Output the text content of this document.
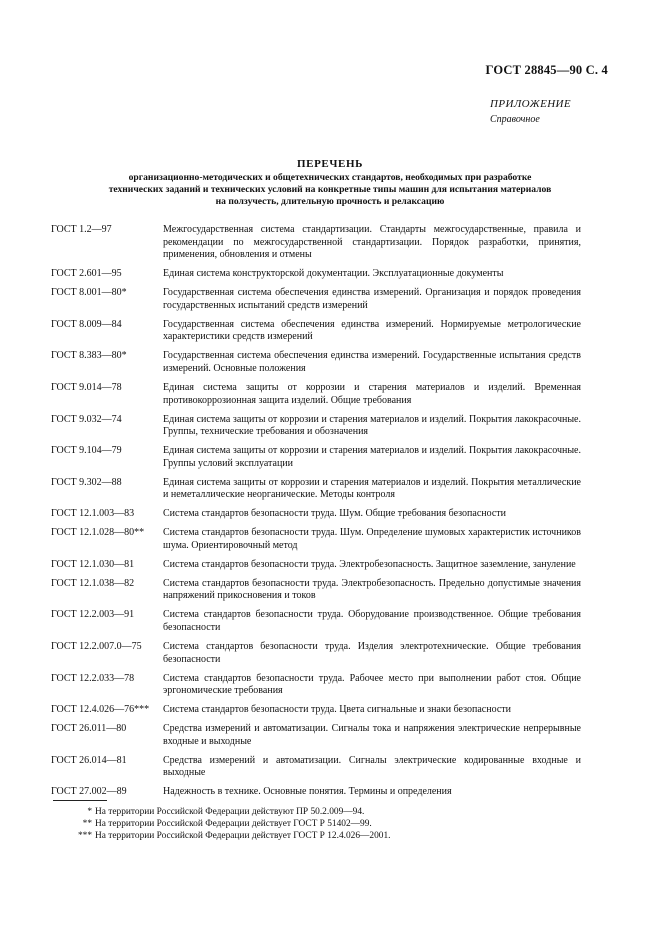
ГОСТ 28845—90 С. 4
ПРИЛОЖЕНИЕ
Справочное
ПЕРЕЧЕНЬ
организационно-методических и общетехнических стандартов, необходимых при разработке
технических заданий и технических условий на конкретные типы машин для испытания материалов
на ползучесть, длительную прочность и релаксацию
ГОСТ 1.2—97	Межгосударственная система стандартизации. Стандарты межгосударственные, правила и рекомендации по межгосударственной стандартизации. Порядок разработки, принятия, применения, обновления и отмены
ГОСТ 2.601—95	Единая система конструкторской документации. Эксплуатационные документы
ГОСТ 8.001—80*	Государственная система обеспечения единства измерений. Организация и порядок проведения государственных испытаний средств измерений
ГОСТ 8.009—84	Государственная система обеспечения единства измерений. Нормируемые метрологические характеристики средств измерений
ГОСТ 8.383—80*	Государственная система обеспечения единства измерений. Государственные испытания средств измерений. Основные положения
ГОСТ 9.014—78	Единая система защиты от коррозии и старения материалов и изделий. Временная противокоррозионная защита изделий. Общие требования
ГОСТ 9.032—74	Единая система защиты от коррозии и старения материалов и изделий. Покрытия лакокрасочные. Группы, технические требования и обозначения
ГОСТ 9.104—79	Единая система защиты от коррозии и старения материалов и изделий. Покрытия лакокрасочные. Группы условий эксплуатации
ГОСТ 9.302—88	Единая система защиты от коррозии и старения материалов и изделий. Покрытия металлические и неметаллические неорганические. Методы контроля
ГОСТ 12.1.003—83	Система стандартов безопасности труда. Шум. Общие требования безопасности
ГОСТ 12.1.028—80**	Система стандартов безопасности труда. Шум. Определение шумовых характеристик источников шума. Ориентировочный метод
ГОСТ 12.1.030—81	Система стандартов безопасности труда. Электробезопасность. Защитное заземление, зануление
ГОСТ 12.1.038—82	Система стандартов безопасности труда. Электробезопасность. Предельно допустимые значения напряжений прикосновения и токов
ГОСТ 12.2.003—91	Система стандартов безопасности труда. Оборудование производственное. Общие требования безопасности
ГОСТ 12.2.007.0—75	Система стандартов безопасности труда. Изделия электротехнические. Общие требования безопасности
ГОСТ 12.2.033—78	Система стандартов безопасности труда. Рабочее место при выполнении работ стоя. Общие эргономические требования
ГОСТ 12.4.026—76***	Система стандартов безопасности труда. Цвета сигнальные и знаки безопасности
ГОСТ 26.011—80	Средства измерений и автоматизации. Сигналы тока и напряжения электрические непрерывные входные и выходные
ГОСТ 26.014—81	Средства измерений и автоматизации. Сигналы электрические кодированные входные и выходные
ГОСТ 27.002—89	Надежность в технике. Основные понятия. Термины и определения
* На территории Российской Федерации действуют ПР 50.2.009—94.
** На территории Российской Федерации действует ГОСТ Р 51402—99.
*** На территории Российской Федерации действует ГОСТ Р 12.4.026—2001.
